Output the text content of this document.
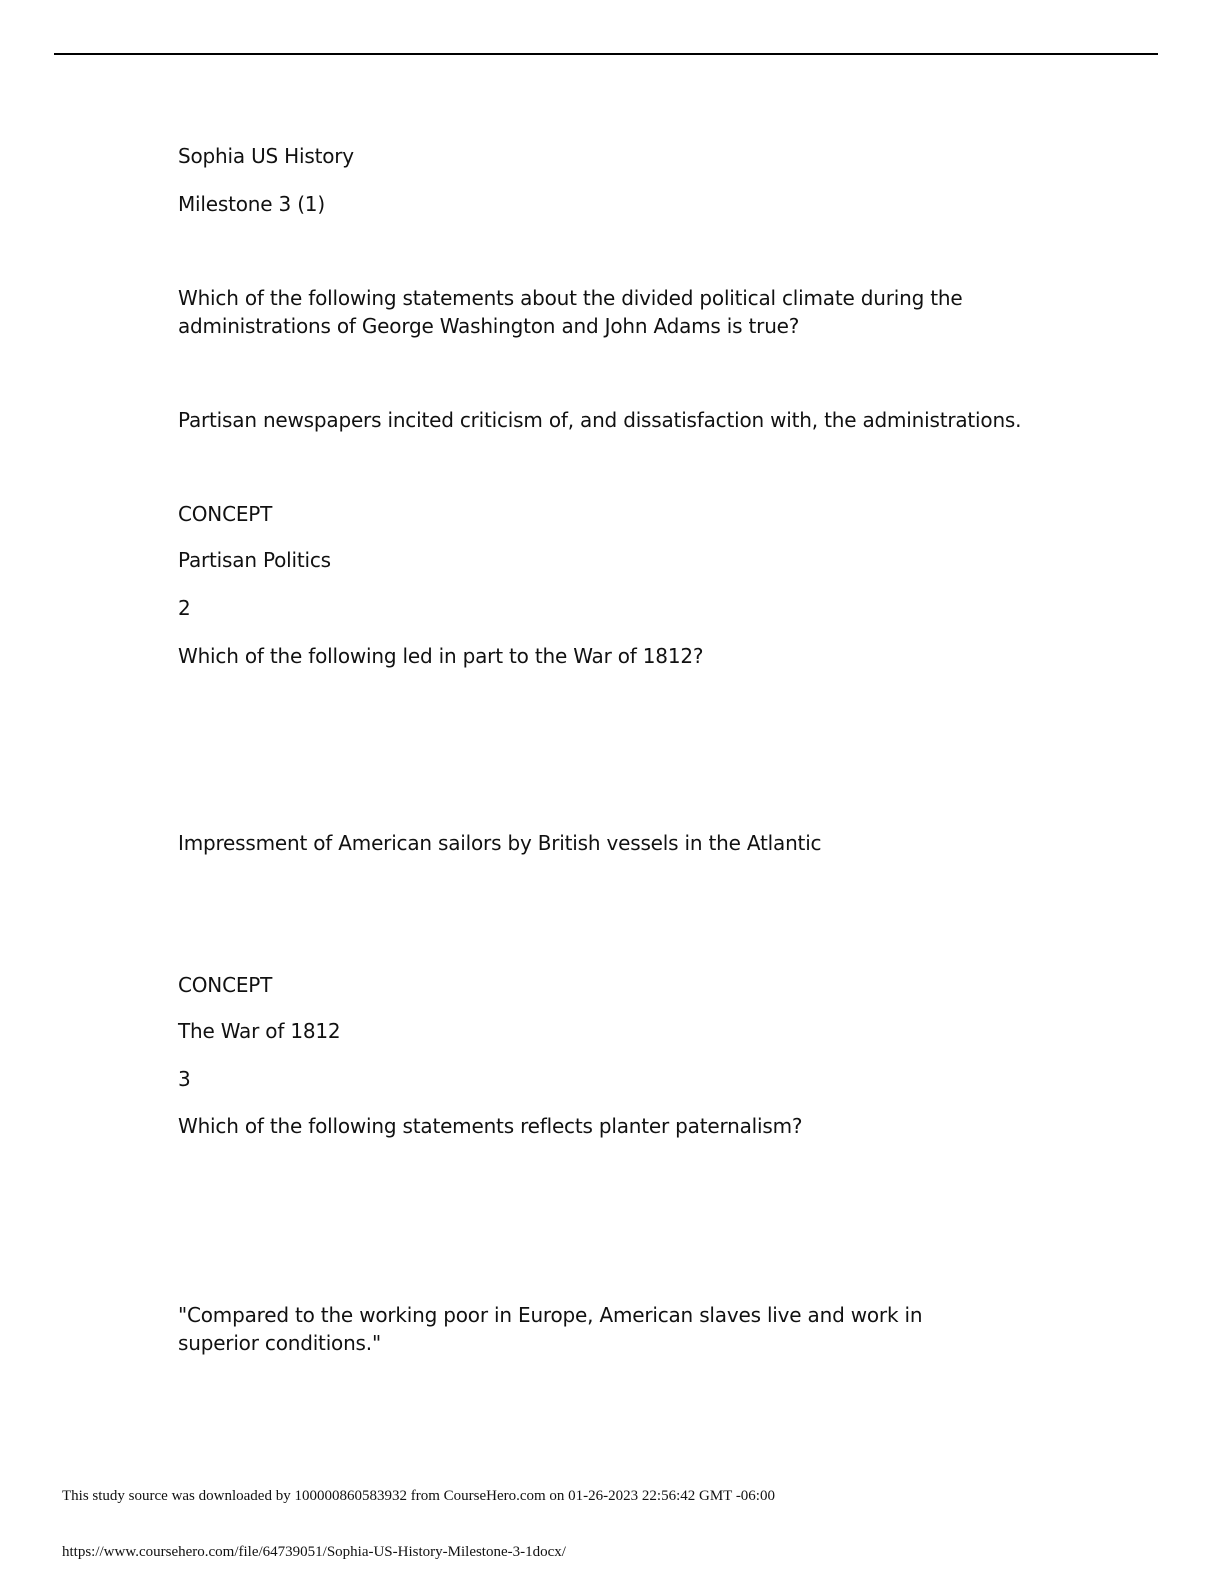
Sophia US History
Milestone 3 (1)
Which of the following statements about the divided political climate during the administrations of George Washington and John Adams is true?
Partisan newspapers incited criticism of, and dissatisfaction with, the administrations.
CONCEPT
Partisan Politics
2
Which of the following led in part to the War of 1812?
Impressment of American sailors by British vessels in the Atlantic
CONCEPT
The War of 1812
3
Which of the following statements reflects planter paternalism?
"Compared to the working poor in Europe, American slaves live and work in superior conditions."
This study source was downloaded by 100000860583932 from CourseHero.com on 01-26-2023 22:56:42 GMT -06:00
https://www.coursehero.com/file/64739051/Sophia-US-History-Milestone-3-1docx/
